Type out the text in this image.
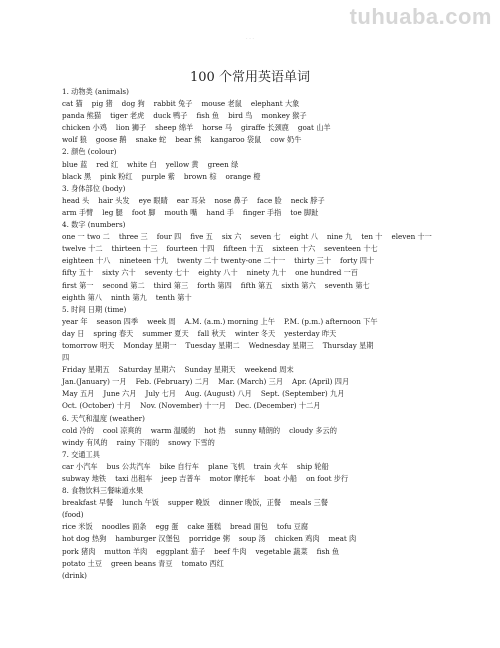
tuhuaba.com
· · ·
100 个常用英语单词
1. 动物类 (animals)
cat 猫 pig 猪 dog 狗 rabbit 兔子 mouse 老鼠 elephant 大象
panda 熊猫 tiger 老虎 duck 鸭子 fish 鱼 bird 鸟 monkey 猴子
chicken 小鸡 lion 狮子 sheep 绵羊 horse 马 giraffe 长颈鹿 goat 山羊
wolf 狼 goose 鹅 snake 蛇 bear 熊 kangaroo 袋鼠 cow 奶牛
2. 颜色 (colour)
blue 蓝 red 红 white 白 yellow 黄 green 绿
black 黑 pink 粉红 purple 紫 brown 棕 orange 橙
3. 身体部位 (body)
head 头 hair 头发 eye 眼睛 ear 耳朵 nose 鼻子 face 脸 neck 脖子
arm 手臂 leg 腿 foot 脚 mouth 嘴 hand 手 finger 手指 toe 脚趾
4. 数字 (numbers)
one 一 two 二 three 三 four 四 five 五 six 六 seven 七 eight 八 nine 九 ten 十 eleven 十一
twelve 十二 thirteen 十三 fourteen 十四 fifteen 十五 sixteen 十六 seventeen 十七
eighteen 十八 nineteen 十九 twenty 二十 twenty-one 二十一 thirty 三十 forty 四十
fifty 五十 sixty 六十 seventy 七十 eighty 八十 ninety 九十 one hundred 一百
first 第一 second 第二 third 第三 forth 第四 fifth 第五 sixth 第六 seventh 第七
eighth 第八 ninth 第九 tenth 第十
5. 时间 日期 (time)
year 年 season 四季 week 周 A.M. (a.m.) morning 上午 P.M. (p.m.) afternoon 下午
day 日 spring 春天 summer 夏天 fall 秋天 winter 冬天 yesterday 昨天
tomorrow 明天 Monday 星期一 Tuesday 星期二 Wednesday 星期三 Thursday 星期
四
Friday 星期五 Saturday 星期六 Sunday 星期天 weekend 周末
Jan.(January) 一月 Feb. (February) 二月 Mar. (March) 三月 Apr. (April) 四月
May 五月 June 六月 July 七月 Aug. (August) 八月 Sept. (September) 九月
Oct. (October) 十月 Nov. (November) 十一月 Dec. (December) 十二月
6. 天气和温度 (weather)
cold 冷的 cool 凉爽的 warm 温暖的 hot 热 sunny 晴朗的 cloudy 多云的
windy 有风的 rainy 下雨的 snowy 下雪的
7. 交通工具
car 小汽车 bus 公共汽车 bike 自行车 plane 飞机 train 火车 ship 轮船
subway 地铁 taxi 出租车 jeep 吉普车 motor 摩托车 boat 小船 on foot 步行
8. 食物饮料三餐味道水果
breakfast 早餐 lunch 午饭 supper 晚饭 dinner 晚饭，正餐 meals 三餐
(food)
rice 米饭 noodles 面条 egg 蛋 cake 蛋糕 bread 面包 tofu 豆腐
hot dog 热狗 hamburger 汉堡包 porridge 粥 soup 汤 chicken 鸡肉 meat 肉
pork 猪肉 mutton 羊肉 eggplant 茄子 beef 牛肉 vegetable 蔬菜 fish 鱼
potato 土豆 green beans 青豆 tomato 西红
(drink)
